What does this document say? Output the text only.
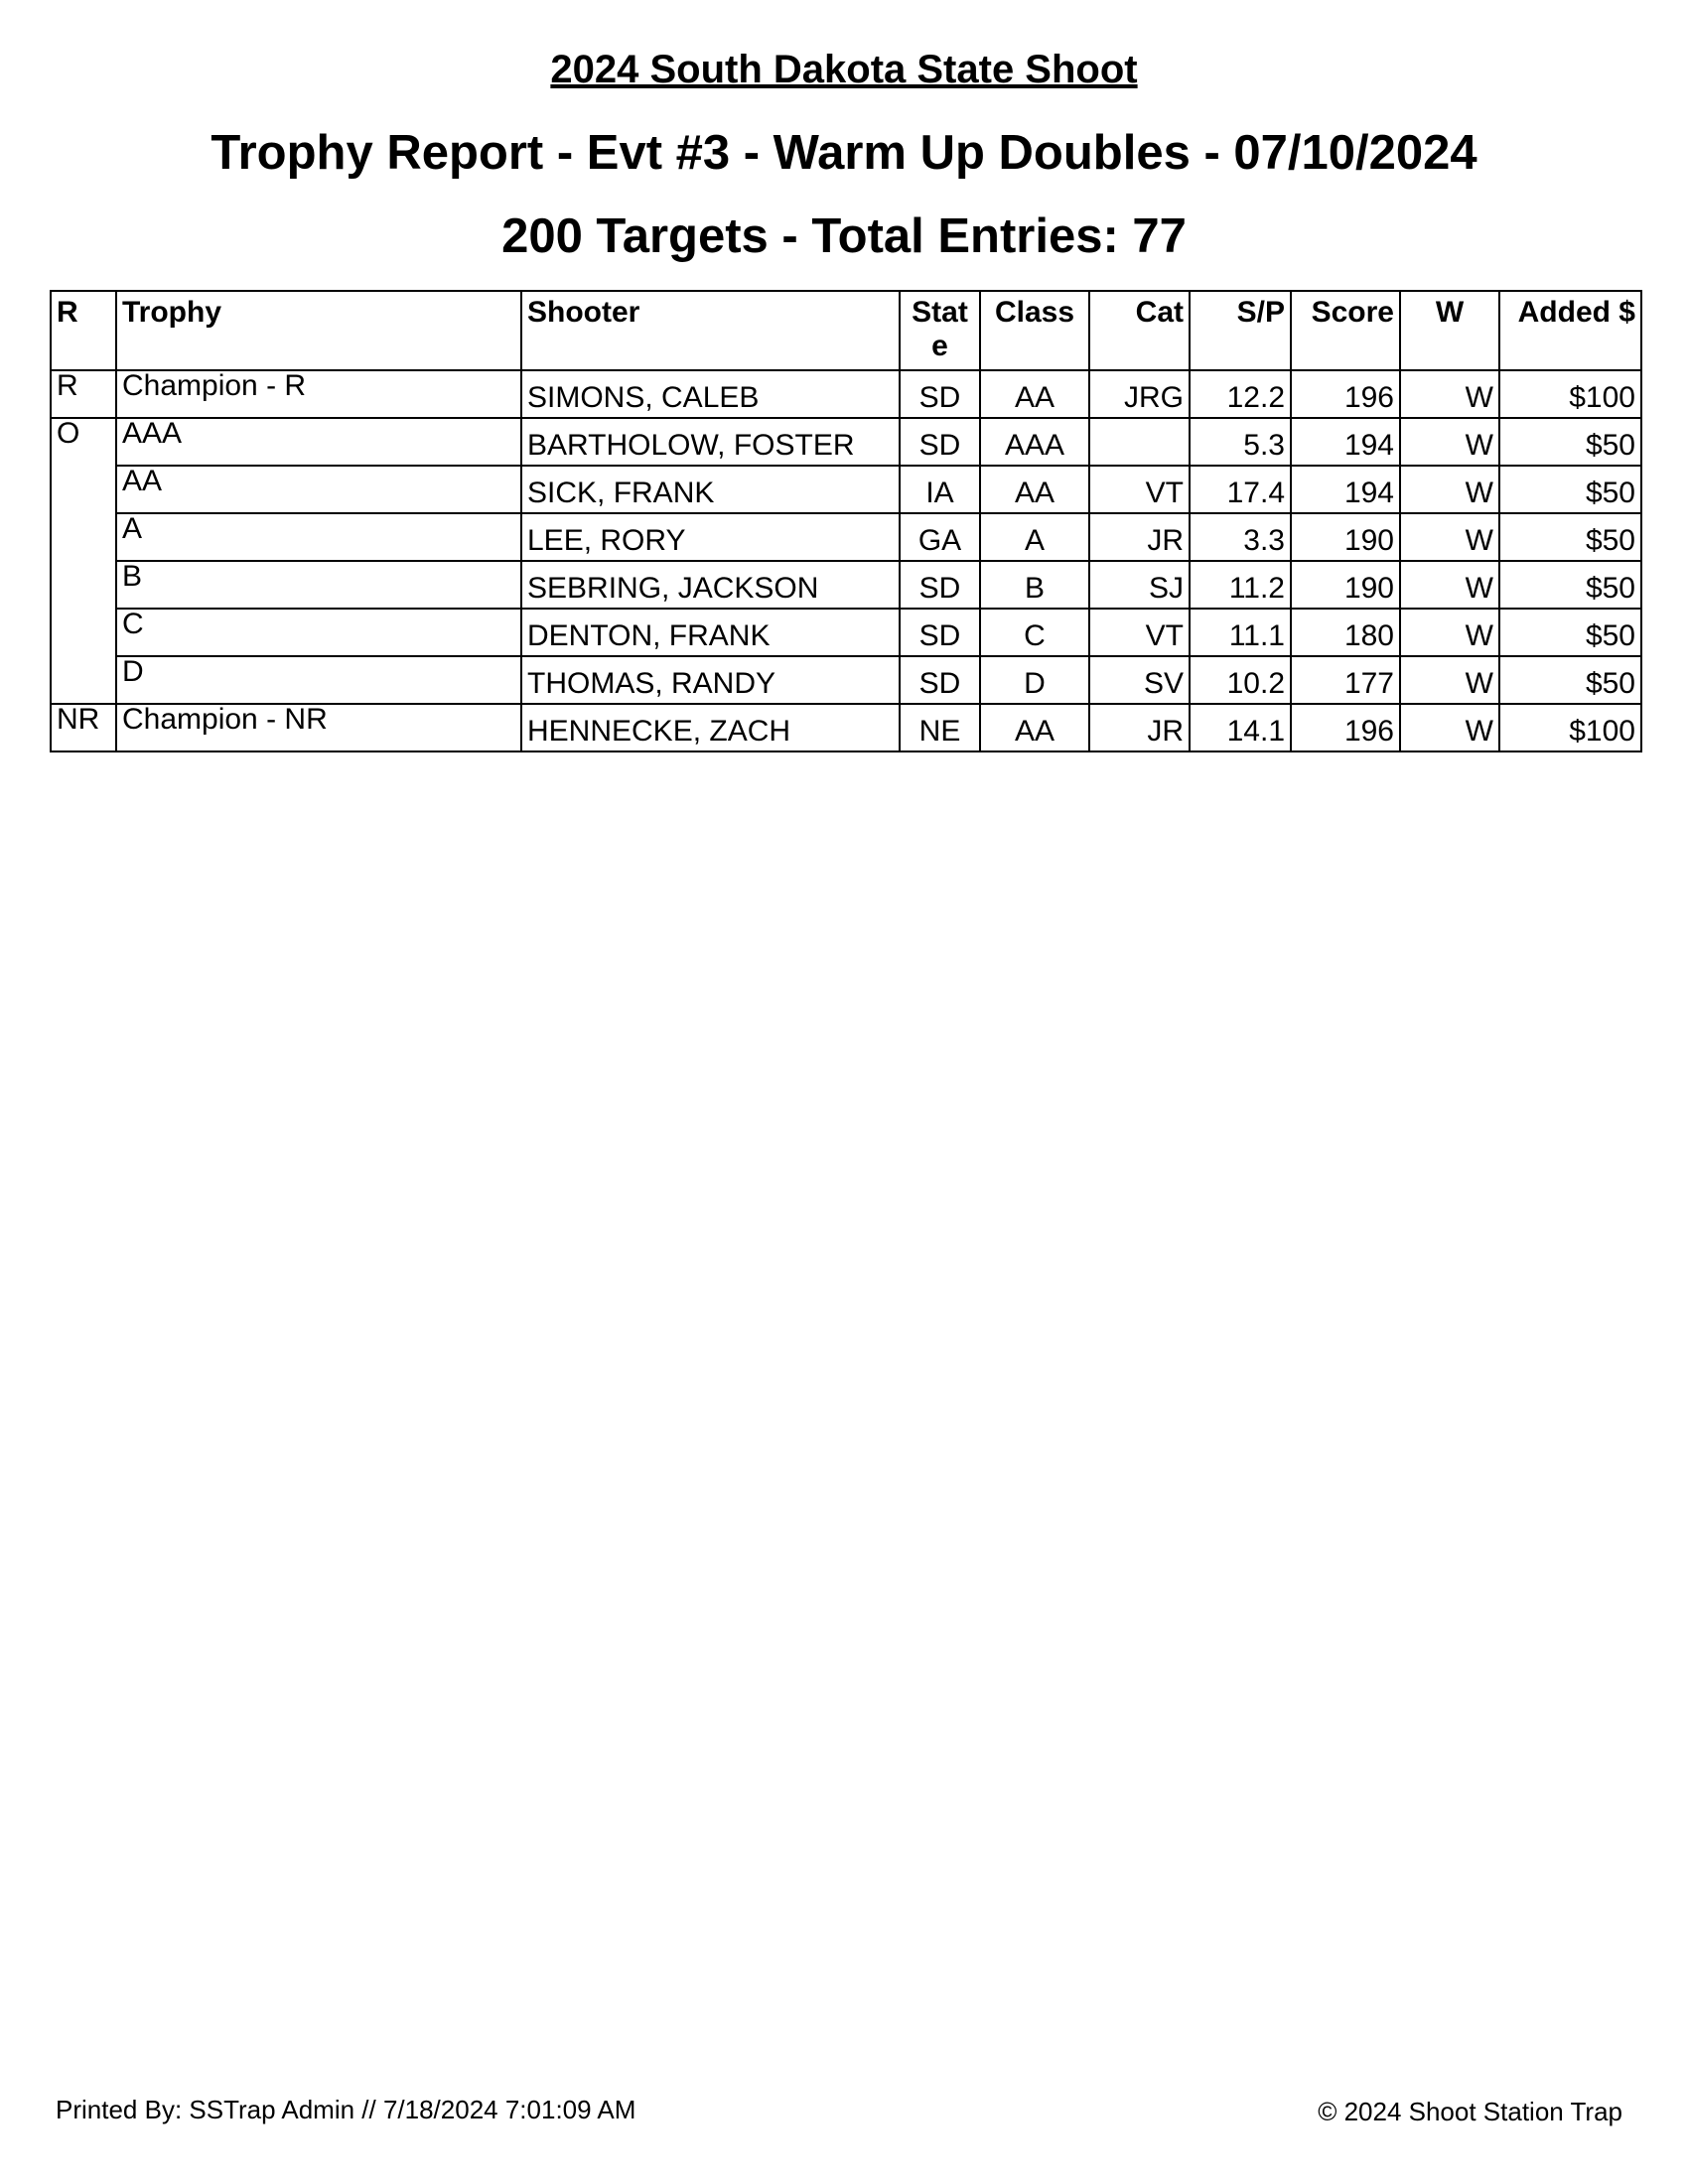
2024 South Dakota State Shoot
Trophy Report - Evt #3 - Warm Up Doubles - 07/10/2024
200 Targets - Total Entries: 77
R	Trophy	Shooter	State	Class	Cat	S/P	Score	W	Added $
R	Champion - R	SIMONS, CALEB	SD	AA	JRG	12.2	196	W	$100
O	AAA	BARTHOLOW, FOSTER	SD	AAA		5.3	194	W	$50
	AA	SICK, FRANK	IA	AA	VT	17.4	194	W	$50
	A	LEE, RORY	GA	A	JR	3.3	190	W	$50
	B	SEBRING, JACKSON	SD	B	SJ	11.2	190	W	$50
	C	DENTON, FRANK	SD	C	VT	11.1	180	W	$50
	D	THOMAS, RANDY	SD	D	SV	10.2	177	W	$50
NR	Champion - NR	HENNECKE, ZACH	NE	AA	JR	14.1	196	W	$100
Printed By: SSTrap Admin // 7/18/2024 7:01:09 AM	© 2024 Shoot Station Trap
